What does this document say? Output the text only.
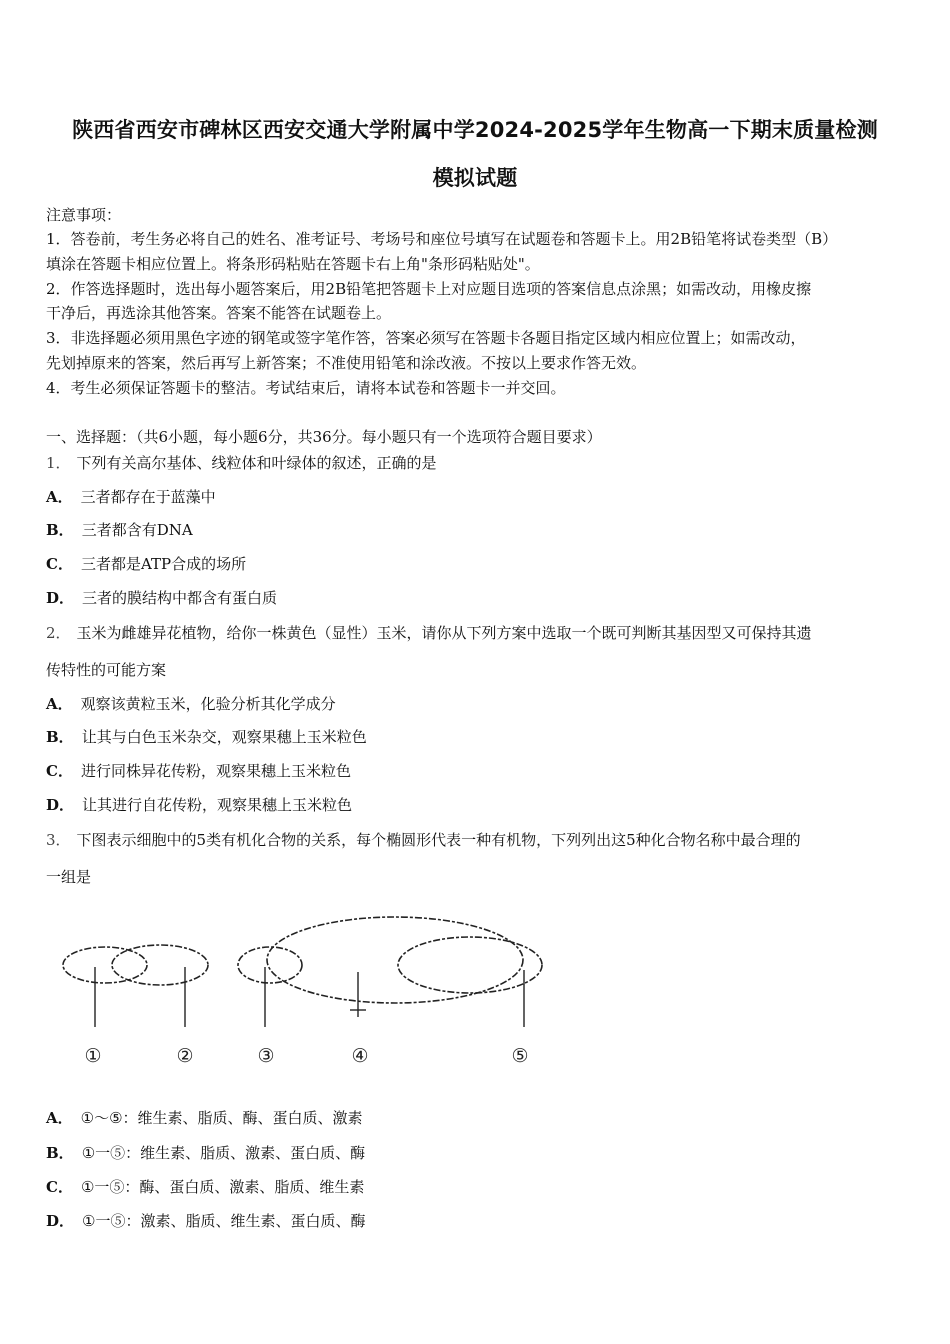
陕西省西安市碑林区西安交通大学附属中学2024-2025学年生物高一下期末质量检测
模拟试题
注意事项：
1．答卷前，考生务必将自己的姓名、准考证号、考场号和座位号填写在试题卷和答题卡上。用2B铅笔将试卷类型（B）
填涂在答题卡相应位置上。将条形码粘贴在答题卡右上角"条形码粘贴处"。
2．作答选择题时，选出每小题答案后，用2B铅笔把答题卡上对应题目选项的答案信息点涂黑；如需改动，用橡皮擦
干净后，再选涂其他答案。答案不能答在试题卷上。
3．非选择题必须用黑色字迹的钢笔或签字笔作答，答案必须写在答题卡各题目指定区域内相应位置上；如需改动，
先划掉原来的答案，然后再写上新答案；不准使用铅笔和涂改液。不按以上要求作答无效。
4．考生必须保证答题卡的整洁。考试结束后，请将本试卷和答题卡一并交回。
一、选择题：（共6小题，每小题6分，共36分。每小题只有一个选项符合题目要求）
1． 下列有关高尔基体、线粒体和叶绿体的叙述，正确的是
A． 三者都存在于蓝藻中
B． 三者都含有DNA
C． 三者都是ATP合成的场所
D． 三者的膜结构中都含有蛋白质
2． 玉米为雌雄异花植物，给你一株黄色（显性）玉米，请你从下列方案中选取一个既可判断其基因型又可保持其遗
传特性的可能方案
A． 观察该黄粒玉米，化验分析其化学成分
B． 让其与白色玉米杂交，观察果穗上玉米粒色
C． 进行同株异花传粉，观察果穗上玉米粒色
D． 让其进行自花传粉，观察果穗上玉米粒色
3． 下图表示细胞中的5类有机化合物的关系，每个椭圆形代表一种有机物，下列列出这5种化合物名称中最合理的
一组是
①	②	③	④	⑤
A． ①～⑤：维生素、脂质、酶、蛋白质、激素
B． ①一⑤：维生素、脂质、激素、蛋白质、酶
C． ①一⑤：酶、蛋白质、激素、脂质、维生素
D． ①一⑤：激素、脂质、维生素、蛋白质、酶
